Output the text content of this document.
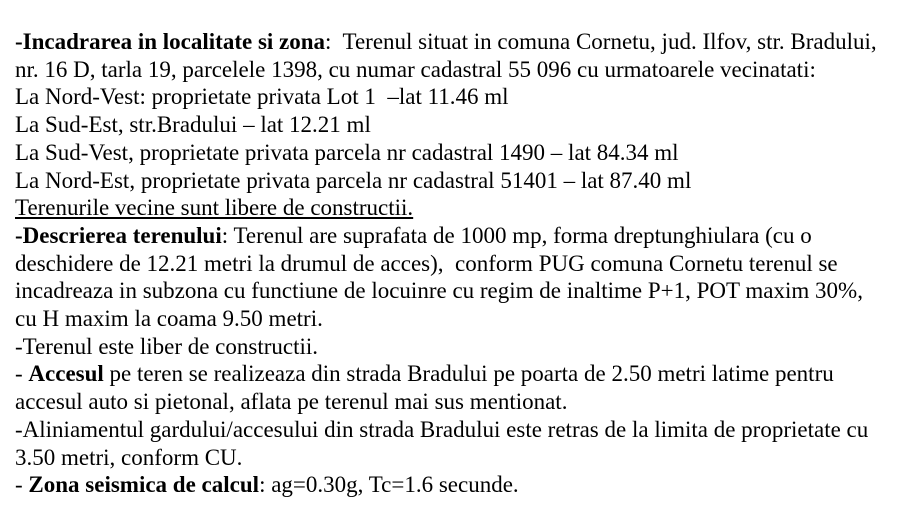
-Incadrarea in localitate si zona:  Terenul situat in comuna Cornetu, jud. Ilfov, str. Bradului,
nr. 16 D, tarla 19, parcelele 1398, cu numar cadastral 55 096 cu urmatoarele vecinatati:
La Nord-Vest: proprietate privata Lot 1  –lat 11.46 ml
La Sud-Est, str.Bradului – lat 12.21 ml
La Sud-Vest, proprietate privata parcela nr cadastral 1490 – lat 84.34 ml
La Nord-Est, proprietate privata parcela nr cadastral 51401 – lat 87.40 ml
Terenurile vecine sunt libere de constructii.
-Descrierea terenului: Terenul are suprafata de 1000 mp, forma dreptunghiulara (cu o
deschidere de 12.21 metri la drumul de acces),  conform PUG comuna Cornetu terenul se
incadreaza in subzona cu functiune de locuinre cu regim de inaltime P+1, POT maxim 30%,
cu H maxim la coama 9.50 metri.
-Terenul este liber de constructii.
- Accesul pe teren se realizeaza din strada Bradului pe poarta de 2.50 metri latime pentru
accesul auto si pietonal, aflata pe terenul mai sus mentionat.
-Aliniamentul gardului/accesului din strada Bradului este retras de la limita de proprietate cu
3.50 metri, conform CU.
- Zona seismica de calcul: ag=0.30g, Tc=1.6 secunde.
